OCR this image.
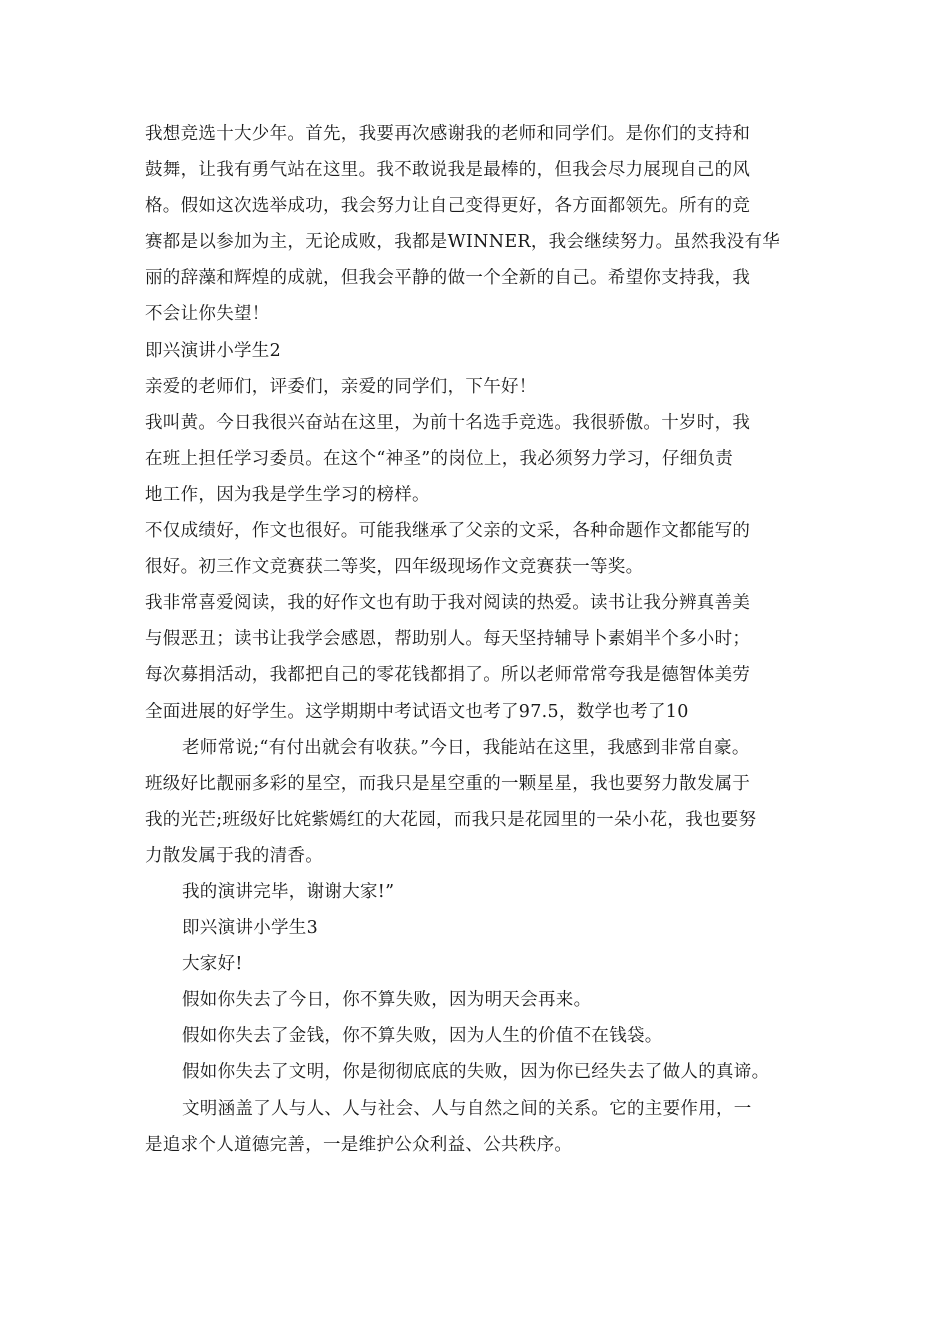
我想竞选十大少年。首先，我要再次感谢我的老师和同学们。是你们的支持和
鼓舞，让我有勇气站在这里。我不敢说我是最棒的，但我会尽力展现自己的风
格。假如这次选举成功，我会努力让自己变得更好，各方面都领先。所有的竞
赛都是以参加为主，无论成败，我都是WINNER，我会继续努力。虽然我没有华
丽的辞藻和辉煌的成就，但我会平静的做一个全新的自己。希望你支持我，我
不会让你失望！
即兴演讲小学生2
亲爱的老师们，评委们，亲爱的同学们，下午好！
我叫黄。今日我很兴奋站在这里，为前十名选手竞选。我很骄傲。十岁时，我
在班上担任学习委员。在这个“神圣”的岗位上，我必须努力学习，仔细负责
地工作，因为我是学生学习的榜样。
不仅成绩好，作文也很好。可能我继承了父亲的文采，各种命题作文都能写的
很好。初三作文竞赛获二等奖，四年级现场作文竞赛获一等奖。
我非常喜爱阅读，我的好作文也有助于我对阅读的热爱。读书让我分辨真善美
与假恶丑；读书让我学会感恩，帮助别人。每天坚持辅导卜素娟半个多小时；
每次募捐活动，我都把自己的零花钱都捐了。所以老师常常夸我是德智体美劳
全面进展的好学生。这学期期中考试语文也考了97.5，数学也考了10
老师常说;“有付出就会有收获。”今日，我能站在这里，我感到非常自豪。
班级好比靓丽多彩的星空，而我只是星空重的一颗星星，我也要努力散发属于
我的光芒;班级好比姹紫嫣红的大花园，而我只是花园里的一朵小花，我也要努
力散发属于我的清香。
我的演讲完毕，谢谢大家!”
即兴演讲小学生3
大家好!
假如你失去了今日，你不算失败，因为明天会再来。
假如你失去了金钱，你不算失败，因为人生的价值不在钱袋。
假如你失去了文明，你是彻彻底底的失败，因为你已经失去了做人的真谛。
文明涵盖了人与人、人与社会、人与自然之间的关系。它的主要作用，一
是追求个人道德完善，一是维护公众利益、公共秩序。
